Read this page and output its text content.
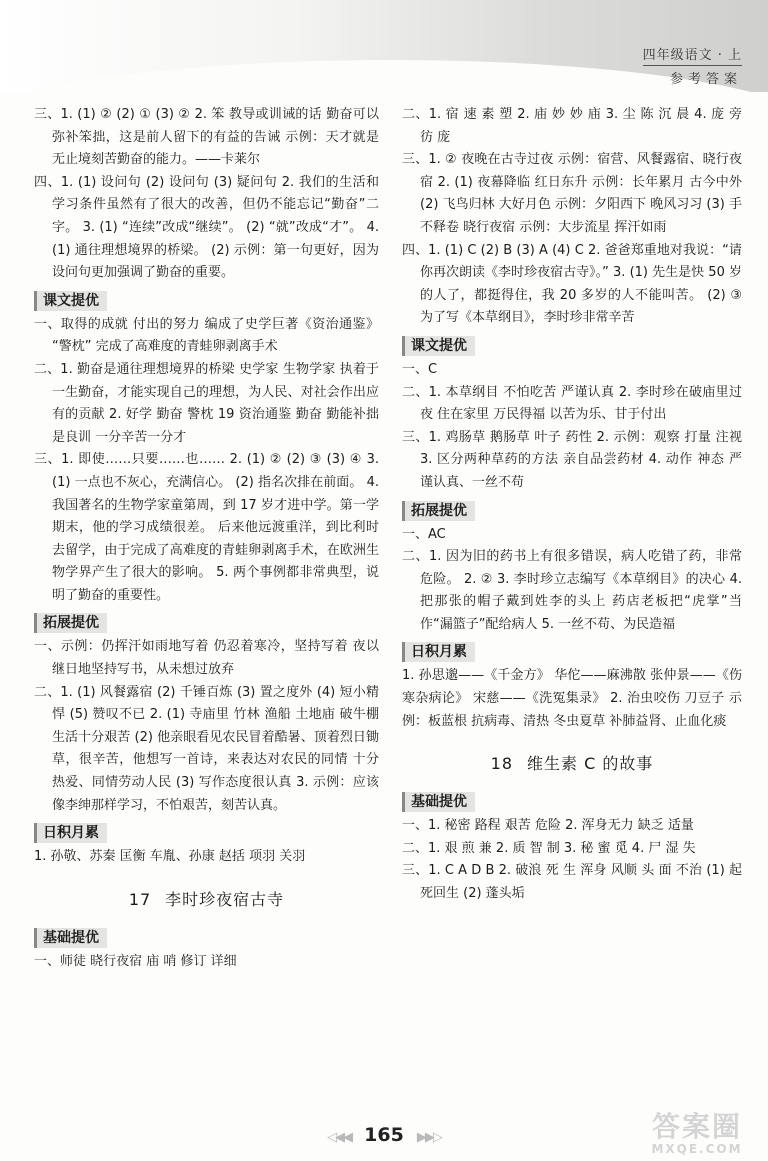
四年级语文 · 上
参考答案

三、1. (1) ② (2) ① (3) ② 2. 笨 教导或训诫的话 勤奋可以弥补笨拙，这是前人留下的有益的告诫 示例：天才就是无止境刻苦勤奋的能力。——卡莱尔

四、1. (1) 设问句 (2) 设问句 (3) 疑问句 2. 我们的生活和学习条件虽然有了很大的改善，但仍不能忘记“勤奋”二字。 3. (1) “连续”改成“继续”。 (2) “就”改成“才”。 4. (1) 通往理想境界的桥梁。 (2) 示例：第一句更好，因为设问句更加强调了勤奋的重要。

课文提优

一、取得的成就 付出的努力 编成了史学巨著《资治通鉴》 “警枕” 完成了高难度的青蛙卵剥离手术

二、1. 勤奋是通往理想境界的桥梁 史学家 生物学家 执着于一生勤奋，才能实现自己的理想，为人民、对社会作出应有的贡献 2. 好学 勤奋 警枕 19 资治通鉴 勤奋 勤能补拙是良训 一分辛苦一分才

三、1. 即使……只要……也…… 2. (1) ② (2) ③ (3) ④ 3. (1) 一点也不灰心，充满信心。 (2) 指名次排在前面。 4. 我国著名的生物学家童第周，到 17 岁才进中学。第一学期末，他的学习成绩很差。 后来他远渡重洋，到比利时去留学，由于完成了高难度的青蛙卵剥离手术，在欧洲生物学界产生了很大的影响。 5. 两个事例都非常典型，说明了勤奋的重要性。

拓展提优

一、示例：仍挥汗如雨地写着 仍忍着寒冷，坚持写着 夜以继日地坚持写书，从未想过放弃

二、1. (1) 风餐露宿 (2) 千锤百炼 (3) 置之度外 (4) 短小精悍 (5) 赞叹不已 2. (1) 寺庙里 竹林 渔船 土地庙 破牛棚 生活十分艰苦 (2) 他亲眼看见农民冒着酷暑、顶着烈日锄草，很辛苦，他想写一首诗，来表达对农民的同情 十分热爱、同情劳动人民 (3) 写作态度很认真 3. 示例：应该像李绅那样学习，不怕艰苦，刻苦认真。

日积月累

1. 孙敬、苏秦 匡衡 车胤、孙康 赵括 项羽 关羽

17 李时珍夜宿古寺
基础提优

一、师徒 晓行夜宿 庙 哨 修订 详细

二、1. 宿 速 素 塑 2. 庙 妙 妙 庙 3. 尘 陈 沉 晨 4. 庞 旁 彷 庞

三、1. ② 夜晚在古寺过夜 示例：宿营、风餐露宿、晓行夜宿 2. (1) 夜幕降临 红日东升 示例：长年累月 古今中外 (2) 飞鸟归林 大好月色 示例：夕阳西下 晚风习习 (3) 手不释卷 晓行夜宿 示例：大步流星 挥汗如雨

四、1. (1) C (2) B (3) A (4) C 2. 爸爸郑重地对我说：“请你再次朗读《李时珍夜宿古寺》。” 3. (1) 先生是快 50 岁的人了，都挺得住，我 20 多岁的人不能叫苦。 (2) ③ 为了写《本草纲目》，李时珍非常辛苦

课文提优

一、C

二、1. 本草纲目 不怕吃苦 严谨认真 2. 李时珍在破庙里过夜 住在家里 万民得福 以苦为乐、甘于付出

三、1. 鸡肠草 鹅肠草 叶子 药性 2. 示例：观察 打量 注视 3. 区分两种草药的方法 亲自品尝药材 4. 动作 神态 严谨认真、一丝不苟

拓展提优

一、AC

二、1. 因为旧的药书上有很多错误，病人吃错了药，非常危险。 2. ② 3. 李时珍立志编写《本草纲目》的决心 4. 把那张的帽子戴到姓李的头上 药店老板把“虎掌”当作“漏篮子”配给病人 5. 一丝不苟、为民造福

日积月累

1. 孙思邈——《千金方》 华佗——麻沸散 张仲景——《伤寒杂病论》 宋慈——《洗冤集录》 2. 治虫咬伤 刀豆子 示例：板蓝根 抗病毒、清热 冬虫夏草 补肺益肾、止血化痰

18 维生素 C 的故事
基础提优

一、1. 秘密 路程 艰苦 危险 2. 浑身无力 缺乏 适量

二、1. 艰 煎 兼 2. 质 智 制 3. 秘 蜜 觅 4. 尸 湿 失

三、1. C A D B 2. 破浪 死 生 浑身 风顺 头 面 不治 (1) 起死回生 (2) 蓬头垢

◁◀◀ 165 ▶▶▷	答案圈
MXQE.COM
